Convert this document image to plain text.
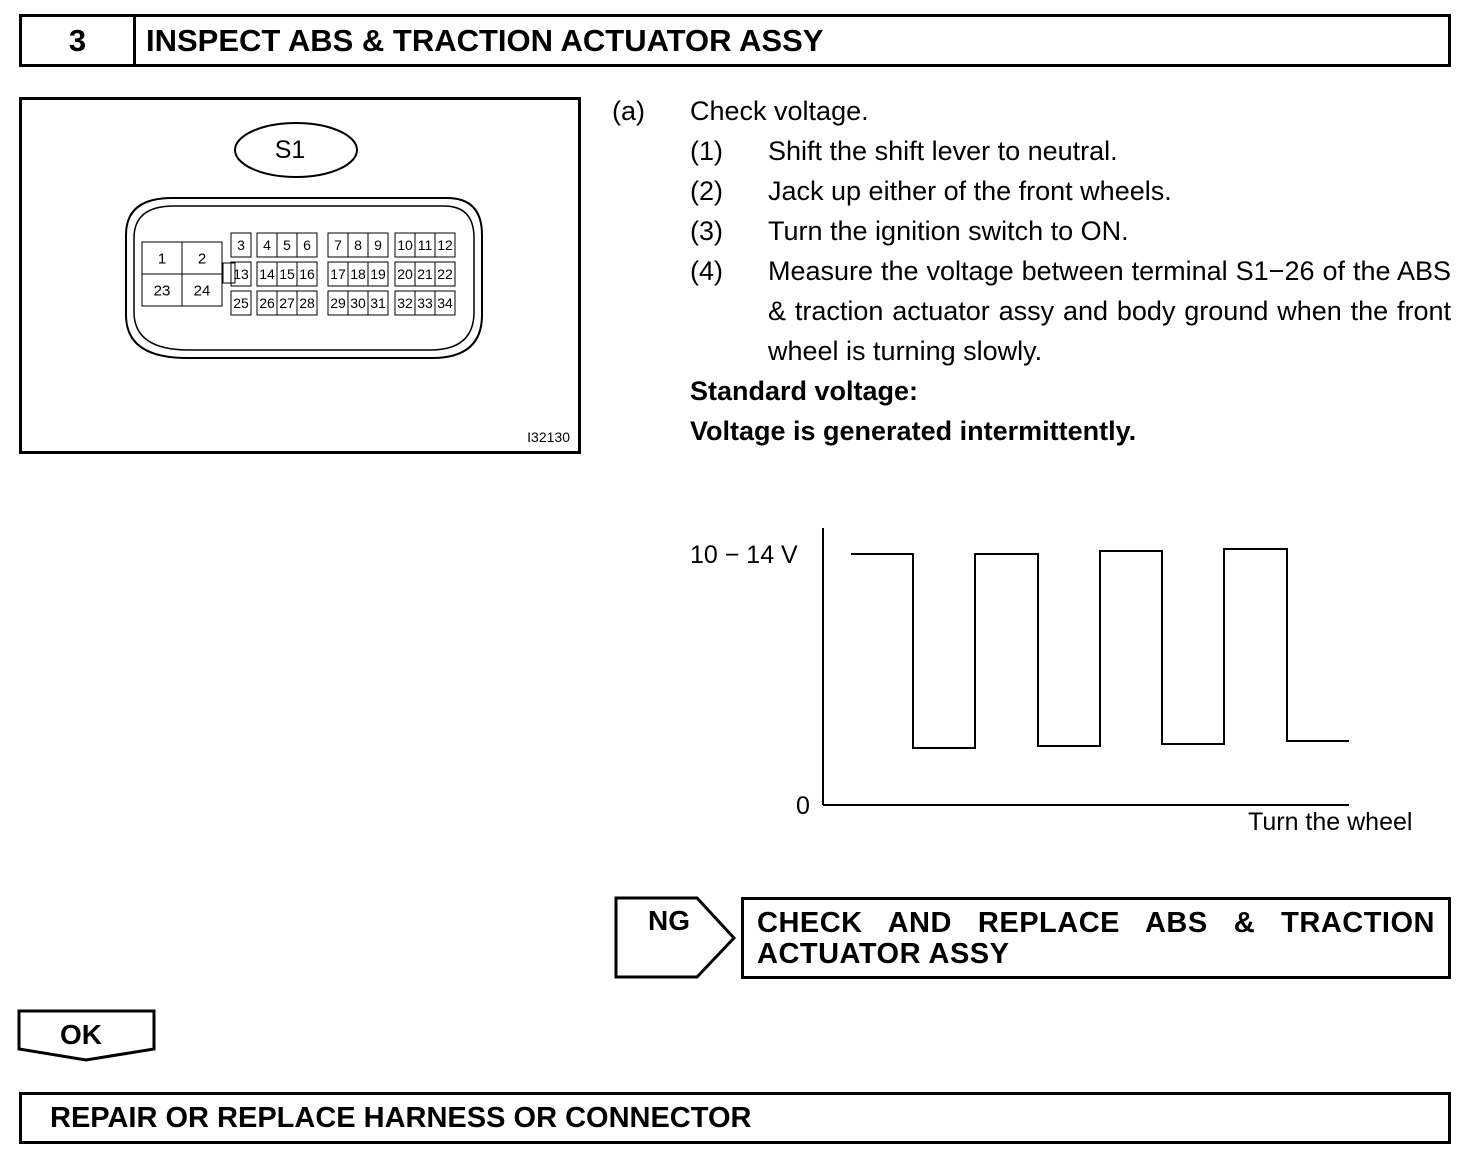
3	INSPECT ABS & TRACTION ACTUATOR ASSY
S1
1 2
23 24
3 4 5 6 7 8 9 10 11 12
13 14 15 16 17 18 19 20 21 22
25 26 27 28 29 30 31 32 33 34
I32130
(a) Check voltage.
(1) Shift the shift lever to neutral.
(2) Jack up either of the front wheels.
(3) Turn the ignition switch to ON.
(4) Measure the voltage between terminal S1−26 of the ABS & traction actuator assy and body ground when the front wheel is turning slowly.
Standard voltage:
Voltage is generated intermittently.
10 − 14 V
0
Turn the wheel
NG CHECK AND REPLACE ABS & TRACTION ACTUATOR ASSY
OK
REPAIR OR REPLACE HARNESS OR CONNECTOR
